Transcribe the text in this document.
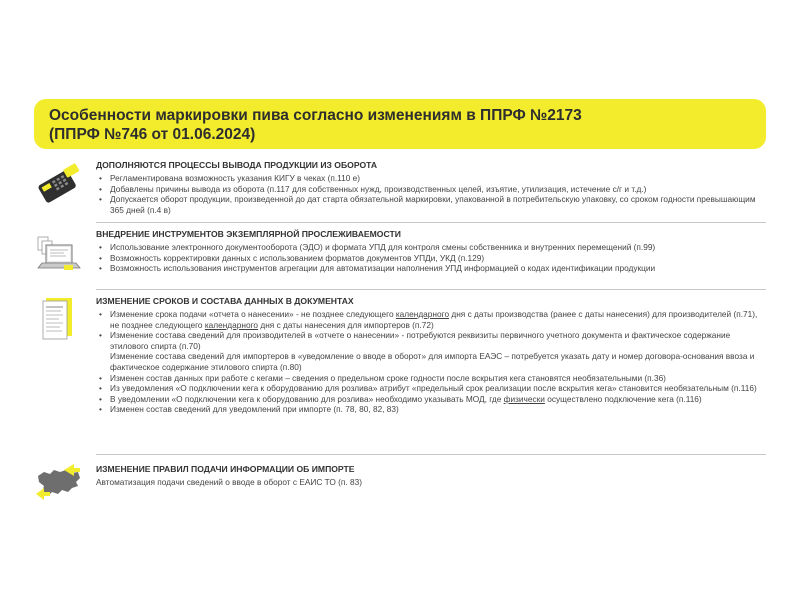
Особенности маркировки пива согласно изменениям в ППРФ №2173
(ППРФ №746 от 01.06.2024)
ДОПОЛНЯЮТСЯ ПРОЦЕССЫ ВЫВОДА ПРОДУКЦИИ ИЗ ОБОРОТА
• Регламентирована возможность указания КИГУ в чеках (п.110 е)
• Добавлены причины вывода из оборота (п.117 для собственных нужд, производственных целей, изъятие, утилизация, истечение с/г и т.д.)
• Допускается оборот продукции, произведенной до дат старта обязательной маркировки, упакованной в потребительскую упаковку, со сроком годности превышающим 365 дней (п.4 в)
ВНЕДРЕНИЕ ИНСТРУМЕНТОВ ЭКЗЕМПЛЯРНОЙ ПРОСЛЕЖИВАЕМОСТИ
• Использование электронного документооборота (ЭДО) и формата УПД для контроля смены собственника и внутренних перемещений (п.99)
• Возможность корректировки данных с использованием форматов документов УПДи, УКД (п.129)
• Возможность использования инструментов агрегации для автоматизации наполнения УПД информацией о кодах идентификации продукции
ИЗМЕНЕНИЕ СРОКОВ И СОСТАВА ДАННЫХ В ДОКУМЕНТАХ
• Изменение срока подачи «отчета о нанесении» - не позднее следующего календарного дня с даты производства (ранее с даты нанесения) для производителей (п.71), не позднее следующего календарного дня с даты нанесения для импортеров (п.72)
• Изменение состава сведений для производителей в «отчете о нанесении» - потребуются реквизиты первичного учетного документа и фактическое содержание этилового спирта (п.70)
Изменение состава сведений для импортеров в «уведомление о вводе в оборот» для импорта ЕАЭС – потребуется указать дату и номер договора-основания ввоза и фактическое содержание этилового спирта (п.80)
• Изменен состав данных при работе с кегами – сведения о предельном сроке годности после вскрытия кега становятся необязательными (п.36)
• Из уведомления «О подключении кега к оборудованию для розлива» атрибут «предельный срок реализации после вскрытия кега» становится необязательным (п.116)
• В уведомлении «О подключении кега к оборудованию для розлива» необходимо указывать МОД, где физически осуществлено подключение кега (п.116)
• Изменен состав сведений для уведомлений при импорте (п. 78, 80, 82, 83)
ИЗМЕНЕНИЕ ПРАВИЛ ПОДАЧИ ИНФОРМАЦИИ ОБ ИМПОРТЕ
Автоматизация подачи сведений о вводе в оборот с ЕАИС ТО (п. 83)
